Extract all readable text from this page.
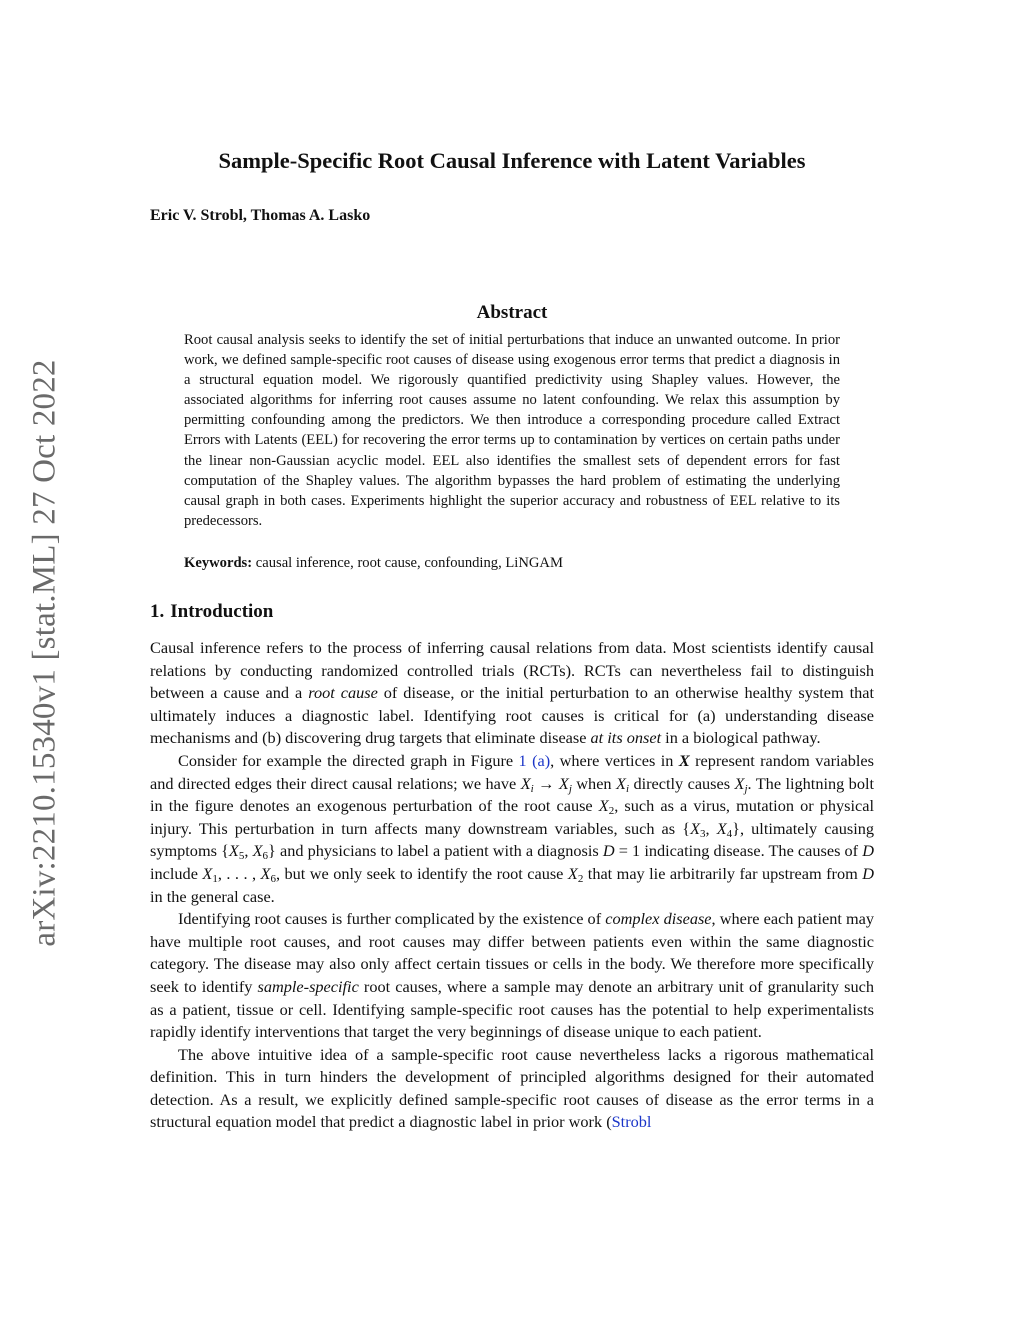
arXiv:2210.15340v1 [stat.ML] 27 Oct 2022
Sample-Specific Root Causal Inference with Latent Variables
Eric V. Strobl, Thomas A. Lasko
Abstract

Root causal analysis seeks to identify the set of initial perturbations that induce an unwanted outcome. In prior work, we defined sample-specific root causes of disease using exogenous error terms that predict a diagnosis in a structural equation model. We rigorously quantified predictivity using Shapley values. However, the associated algorithms for inferring root causes assume no latent confounding. We relax this assumption by permitting confounding among the predictors. We then introduce a corresponding procedure called Extract Errors with Latents (EEL) for recovering the error terms up to contamination by vertices on certain paths under the linear non-Gaussian acyclic model. EEL also identifies the smallest sets of dependent errors for fast computation of the Shapley values. The algorithm bypasses the hard problem of estimating the underlying causal graph in both cases. Experiments highlight the superior accuracy and robustness of EEL relative to its predecessors.

Keywords: causal inference, root cause, confounding, LiNGAM

1. Introduction

Causal inference refers to the process of inferring causal relations from data. Most scientists identify causal relations by conducting randomized controlled trials (RCTs). RCTs can nevertheless fail to distinguish between a cause and a root cause of disease, or the initial perturbation to an otherwise healthy system that ultimately induces a diagnostic label. Identifying root causes is critical for (a) understanding disease mechanisms and (b) discovering drug targets that eliminate disease at its onset in a biological pathway.

Consider for example the directed graph in Figure 1 (a), where vertices in X represent random variables and directed edges their direct causal relations; we have $X_i \to X_j$ when $X_i$ directly causes $X_j$. The lightning bolt in the figure denotes an exogenous perturbation of the root cause $X_2$, such as a virus, mutation or physical injury. This perturbation in turn affects many downstream variables, such as {$X_3$, $X_4$}, ultimately causing symptoms {$X_5$, $X_6$} and physicians to label a patient with a diagnosis D = 1 indicating disease. The causes of D include $X_1$, . . . , $X_6$, but we only seek to identify the root cause $X_2$ that may lie arbitrarily far upstream from D in the general case.

Identifying root causes is further complicated by the existence of complex disease, where each patient may have multiple root causes, and root causes may differ between patients even within the same diagnostic category. The disease may also only affect certain tissues or cells in the body. We therefore more specifically seek to identify sample-specific root causes, where a sample may denote an arbitrary unit of granularity such as a patient, tissue or cell. Identifying sample-specific root causes has the potential to help experimentalists rapidly identify interventions that target the very beginnings of disease unique to each patient.

The above intuitive idea of a sample-specific root cause nevertheless lacks a rigorous mathematical definition. This in turn hinders the development of principled algorithms designed for their automated detection. As a result, we explicitly defined sample-specific root causes of disease as the error terms in a structural equation model that predict a diagnostic label in prior work (Strobl
